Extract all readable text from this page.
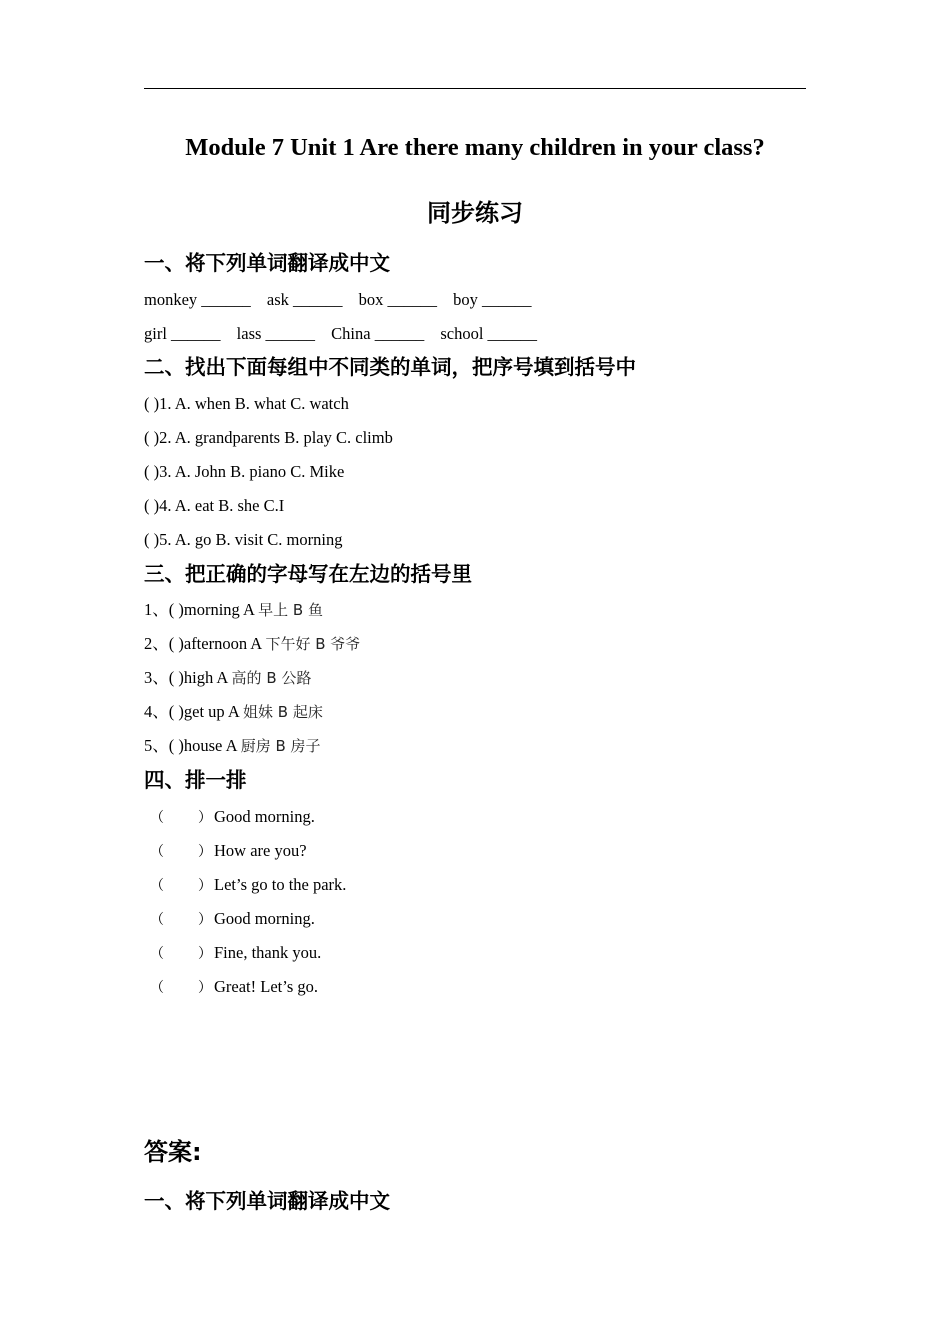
Module 7 Unit 1 Are there many children in your class?
同步练习
一、将下列单词翻译成中文
monkey ______ ask ______ box ______ boy ______
girl ______ lass ______ China ______ school ______
二、找出下面每组中不同类的单词，把序号填到括号中
( )1. A. when B. what C. watch
( )2. A. grandparents B. play C. climb
( )3. A. John B. piano C. Mike
( )4. A. eat B. she C.I
( )5. A. go B. visit C. morning
三、把正确的字母写在左边的括号里
1、( )morning A 早上 B 鱼
2、( )afternoon A 下午好 B 爷爷
3、( )high A 高的 B 公路
4、( )get up A 姐妹 B 起床
5、( )house A 厨房 B 房子
四、排一排
（ ） Good morning.
（ ） How are you?
（ ） Let’s go to the park.
（ ） Good morning.
（ ） Fine, thank you.
（ ） Great! Let’s go.
答案:
一、将下列单词翻译成中文
